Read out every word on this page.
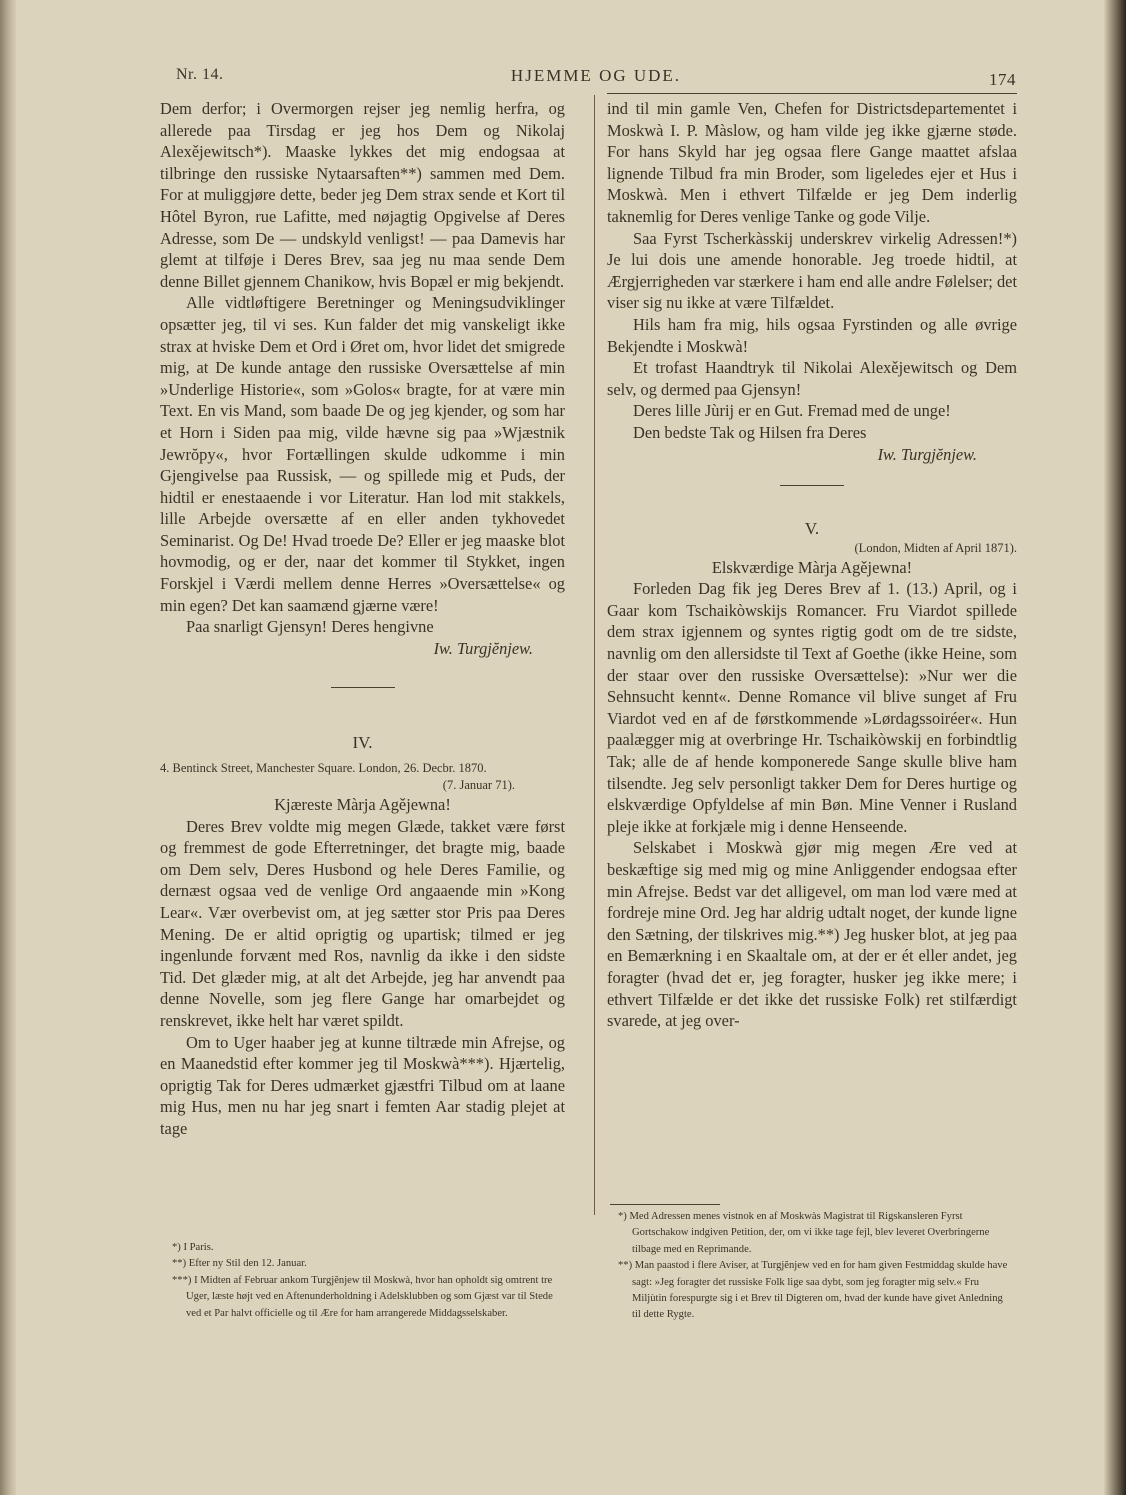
Nr. 14.	HJEMME OG UDE.	174

Dem derfor; i Overmorgen rejser jeg nemlig herfra, og allerede paa Tirsdag er jeg hos Dem og Nikolaj Alexějewitsch*). Maaske lykkes det mig endogsaa at tilbringe den russiske Nytaarsaften**) sammen med Dem. For at muliggjøre dette, beder jeg Dem strax sende et Kort til Hôtel Byron, rue Lafitte, med nøjagtig Opgivelse af Deres Adresse, som De — undskyld venligst! — paa Damevis har glemt at tilføje i Deres Brev, saa jeg nu maa sende Dem denne Billet gjennem Chanikow, hvis Bopæl er mig bekjendt.

Alle vidtløftigere Beretninger og Meningsudviklinger opsætter jeg, til vi ses. Kun falder det mig vanskeligt ikke strax at hviske Dem et Ord i Øret om, hvor lidet det smigrede mig, at De kunde antage den russiske Oversættelse af min »Underlige Historie«, som »Golos« bragte, for at være min Text. En vis Mand, som baade De og jeg kjender, og som har et Horn i Siden paa mig, vilde hævne sig paa »Wjæstnik Jewrŏpy«, hvor Fortællingen skulde udkomme i min Gjengivelse paa Russisk, — og spillede mig et Puds, der hidtil er enestaaende i vor Literatur. Han lod mit stakkels, lille Arbejde oversætte af en eller anden tykhovedet Seminarist. Og De! Hvad troede De? Eller er jeg maaske blot hovmodig, og er der, naar det kommer til Stykket, ingen Forskjel i Værdi mellem denne Herres »Oversættelse« og min egen? Det kan saamænd gjærne være!

Paa snarligt Gjensyn! Deres hengivne

Iw. Turgjĕnjew.

IV.

4. Bentinck Street, Manchester Square. London, 26. Decbr. 1870.

(7. Januar 71).

Kjæreste Màrja Agějewna!

Deres Brev voldte mig megen Glæde, takket være først og fremmest de gode Efterretninger, det bragte mig, baade om Dem selv, Deres Husbond og hele Deres Familie, og dernæst ogsaa ved de venlige Ord angaaende min »Kong Lear«. Vær overbevist om, at jeg sætter stor Pris paa Deres Mening. De er altid oprigtig og upartisk; tilmed er jeg ingenlunde forvænt med Ros, navnlig da ikke i den sidste Tid. Det glæder mig, at alt det Arbejde, jeg har anvendt paa denne Novelle, som jeg flere Gange har omarbejdet og renskrevet, ikke helt har været spildt.

Om to Uger haaber jeg at kunne tiltræde min Afrejse, og en Maanedstid efter kommer jeg til Moskwà***). Hjærtelig, oprigtig Tak for Deres udmærket gjæstfri Tilbud om at laane mig Hus, men nu har jeg snart i femten Aar stadig plejet at tage

*) I Paris.

**) Efter ny Stil den 12. Januar.

***) I Midten af Februar ankom Turgjĕnjew til Moskwà, hvor han opholdt sig omtrent tre Uger, læste højt ved en Aftenunderholdning i Adelsklubben og som Gjæst var til Stede ved et Par halvt officielle og til Ære for ham arrangerede Middagsselskaber.

ind til min gamle Ven, Chefen for Districtsdepartementet i Moskwà I. P. Màslow, og ham vilde jeg ikke gjærne støde. For hans Skyld har jeg ogsaa flere Gange maattet afslaa lignende Tilbud fra min Broder, som ligeledes ejer et Hus i Moskwà. Men i ethvert Tilfælde er jeg Dem inderlig taknemlig for Deres venlige Tanke og gode Vilje.

Saa Fyrst Tscherkàsskij underskrev virkelig Adressen!*) Je lui dois une amende honorable. Jeg troede hidtil, at Ærgjerrigheden var stærkere i ham end alle andre Følelser; det viser sig nu ikke at være Tilfældet.

Hils ham fra mig, hils ogsaa Fyrstinden og alle øvrige Bekjendte i Moskwà!

Et trofast Haandtryk til Nikolai Alexějewitsch og Dem selv, og dermed paa Gjensyn!

Deres lille Jùrij er en Gut. Fremad med de unge!

Den bedste Tak og Hilsen fra Deres

Iw. Turgjĕnjew.

V.

(London, Midten af April 1871).

Elskværdige Màrja Agějewna!

Forleden Dag fik jeg Deres Brev af 1. (13.) April, og i Gaar kom Tschaikòwskijs Romancer. Fru Viardot spillede dem strax igjennem og syntes rigtig godt om de tre sidste, navnlig om den allersidste til Text af Goethe (ikke Heine, som der staar over den russiske Oversættelse): »Nur wer die Sehnsucht kennt«. Denne Romance vil blive sunget af Fru Viardot ved en af de førstkommende »Lørdagssoiréer«. Hun paalægger mig at overbringe Hr. Tschaikòwskij en forbindtlig Tak; alle de af hende komponerede Sange skulle blive ham tilsendte. Jeg selv personligt takker Dem for Deres hurtige og elskværdige Opfyldelse af min Bøn. Mine Venner i Rusland pleje ikke at forkjæle mig i denne Henseende.

Selskabet i Moskwà gjør mig megen Ære ved at beskæftige sig med mig og mine Anliggender endogsaa efter min Afrejse. Bedst var det alligevel, om man lod være med at fordreje mine Ord. Jeg har aldrig udtalt noget, der kunde ligne den Sætning, der tilskrives mig.**) Jeg husker blot, at jeg paa en Bemærkning i en Skaaltale om, at der er ét eller andet, jeg foragter (hvad det er, jeg foragter, husker jeg ikke mere; i ethvert Tilfælde er det ikke det russiske Folk) ret stilfærdigt svarede, at jeg over-

*) Med Adressen menes vistnok en af Moskwàs Magistrat til Rigskansleren Fyrst Gortschakow indgiven Petition, der, om vi ikke tage fejl, blev leveret Overbringerne tilbage med en Reprimande.

**) Man paastod i flere Aviser, at Turgjĕnjew ved en for ham given Festmiddag skulde have sagt: »Jeg foragter det russiske Folk lige saa dybt, som jeg foragter mig selv.« Fru Miljùtin forespurgte sig i et Brev til Digteren om, hvad der kunde have givet Anledning til dette Rygte.
